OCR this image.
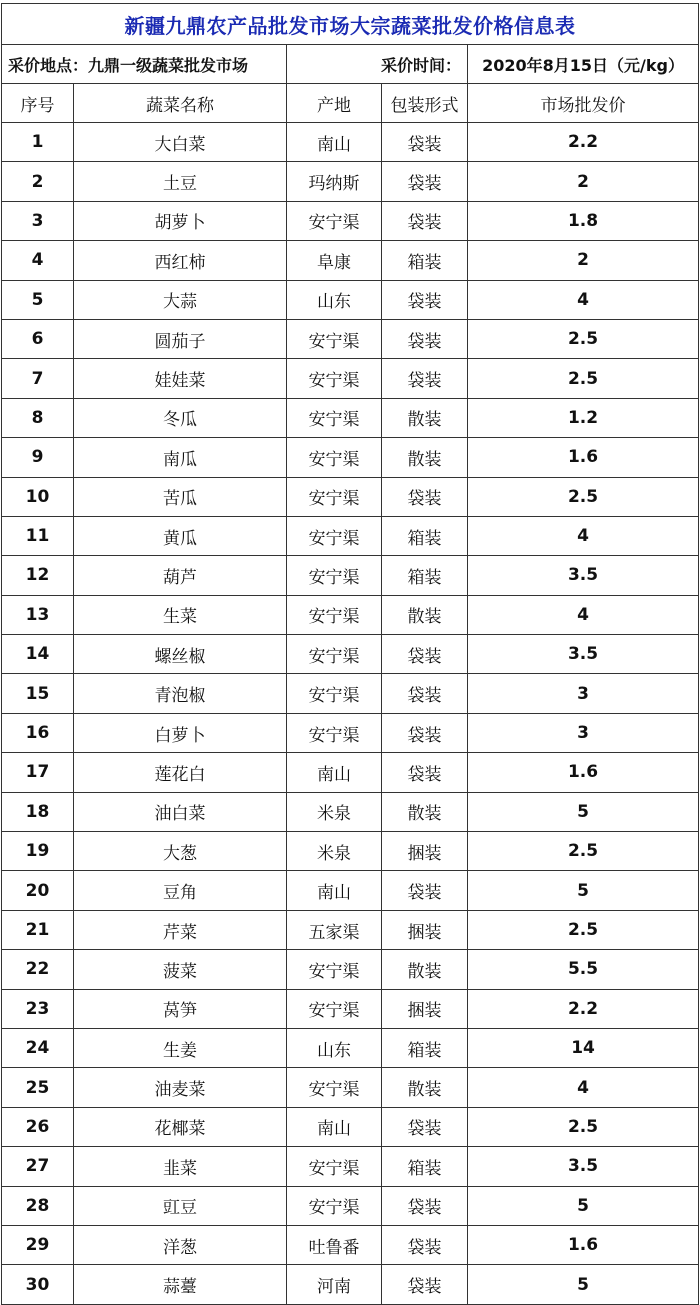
新疆九鼎农产品批发市场大宗蔬菜批发价格信息表				
采价地点：九鼎一级蔬菜批发市场		采价时间：		2020年8月15日（元/kg）
序号	蔬菜名称	产地	包装形式	市场批发价
1	大白菜	南山	袋装	2.2
2	土豆	玛纳斯	袋装	2
3	胡萝卜	安宁渠	袋装	1.8
4	西红柿	阜康	箱装	2
5	大蒜	山东	袋装	4
6	圆茄子	安宁渠	袋装	2.5
7	娃娃菜	安宁渠	袋装	2.5
8	冬瓜	安宁渠	散装	1.2
9	南瓜	安宁渠	散装	1.6
10	苦瓜	安宁渠	袋装	2.5
11	黄瓜	安宁渠	箱装	4
12	葫芦	安宁渠	箱装	3.5
13	生菜	安宁渠	散装	4
14	螺丝椒	安宁渠	袋装	3.5
15	青泡椒	安宁渠	袋装	3
16	白萝卜	安宁渠	袋装	3
17	莲花白	南山	袋装	1.6
18	油白菜	米泉	散装	5
19	大葱	米泉	捆装	2.5
20	豆角	南山	袋装	5
21	芹菜	五家渠	捆装	2.5
22	菠菜	安宁渠	散装	5.5
23	莴笋	安宁渠	捆装	2.2
24	生姜	山东	箱装	14
25	油麦菜	安宁渠	散装	4
26	花椰菜	南山	袋装	2.5
27	韭菜	安宁渠	箱装	3.5
28	豇豆	安宁渠	袋装	5
29	洋葱	吐鲁番	袋装	1.6
30	蒜薹	河南	袋装	5
